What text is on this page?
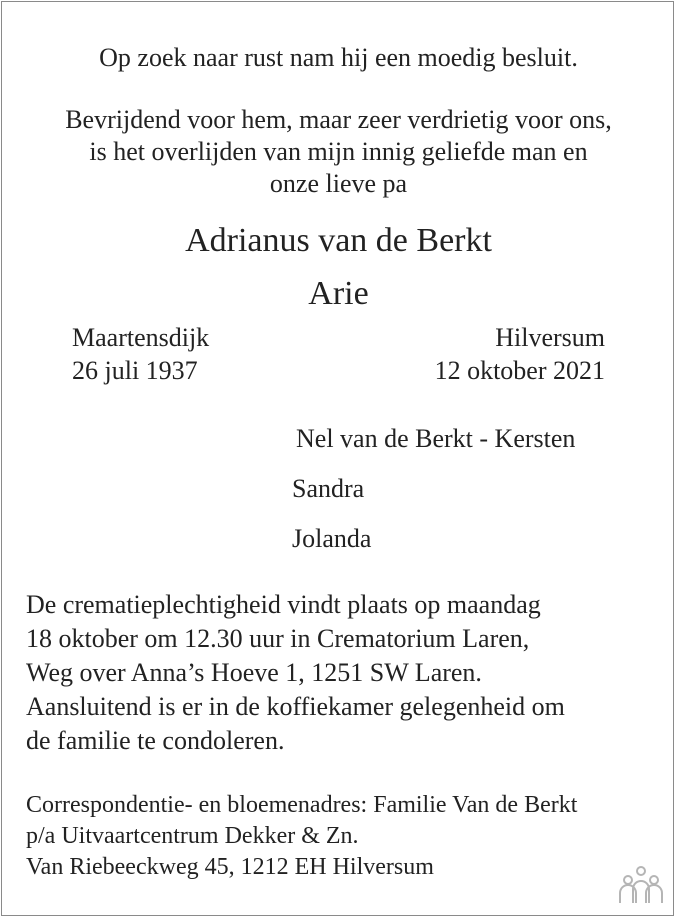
Op zoek naar rust nam hij een moedig besluit.
Bevrijdend voor hem, maar zeer verdrietig voor ons,
is het overlijden van mijn innig geliefde man en
onze lieve pa
Adrianus van de Berkt
Arie
Maartensdijk
26 juli 1937
Hilversum
12 oktober 2021
Nel van de Berkt - Kersten
Sandra
Jolanda
De crematieplechtigheid vindt plaats op maandag
18 oktober om 12.30 uur in Crematorium Laren,
Weg over Anna’s Hoeve 1, 1251 SW Laren.
Aansluitend is er in de koffiekamer gelegenheid om
de familie te condoleren.
Correspondentie- en bloemenadres: Familie Van de Berkt
p/a Uitvaartcentrum Dekker & Zn.
Van Riebeeckweg 45, 1212 EH Hilversum
